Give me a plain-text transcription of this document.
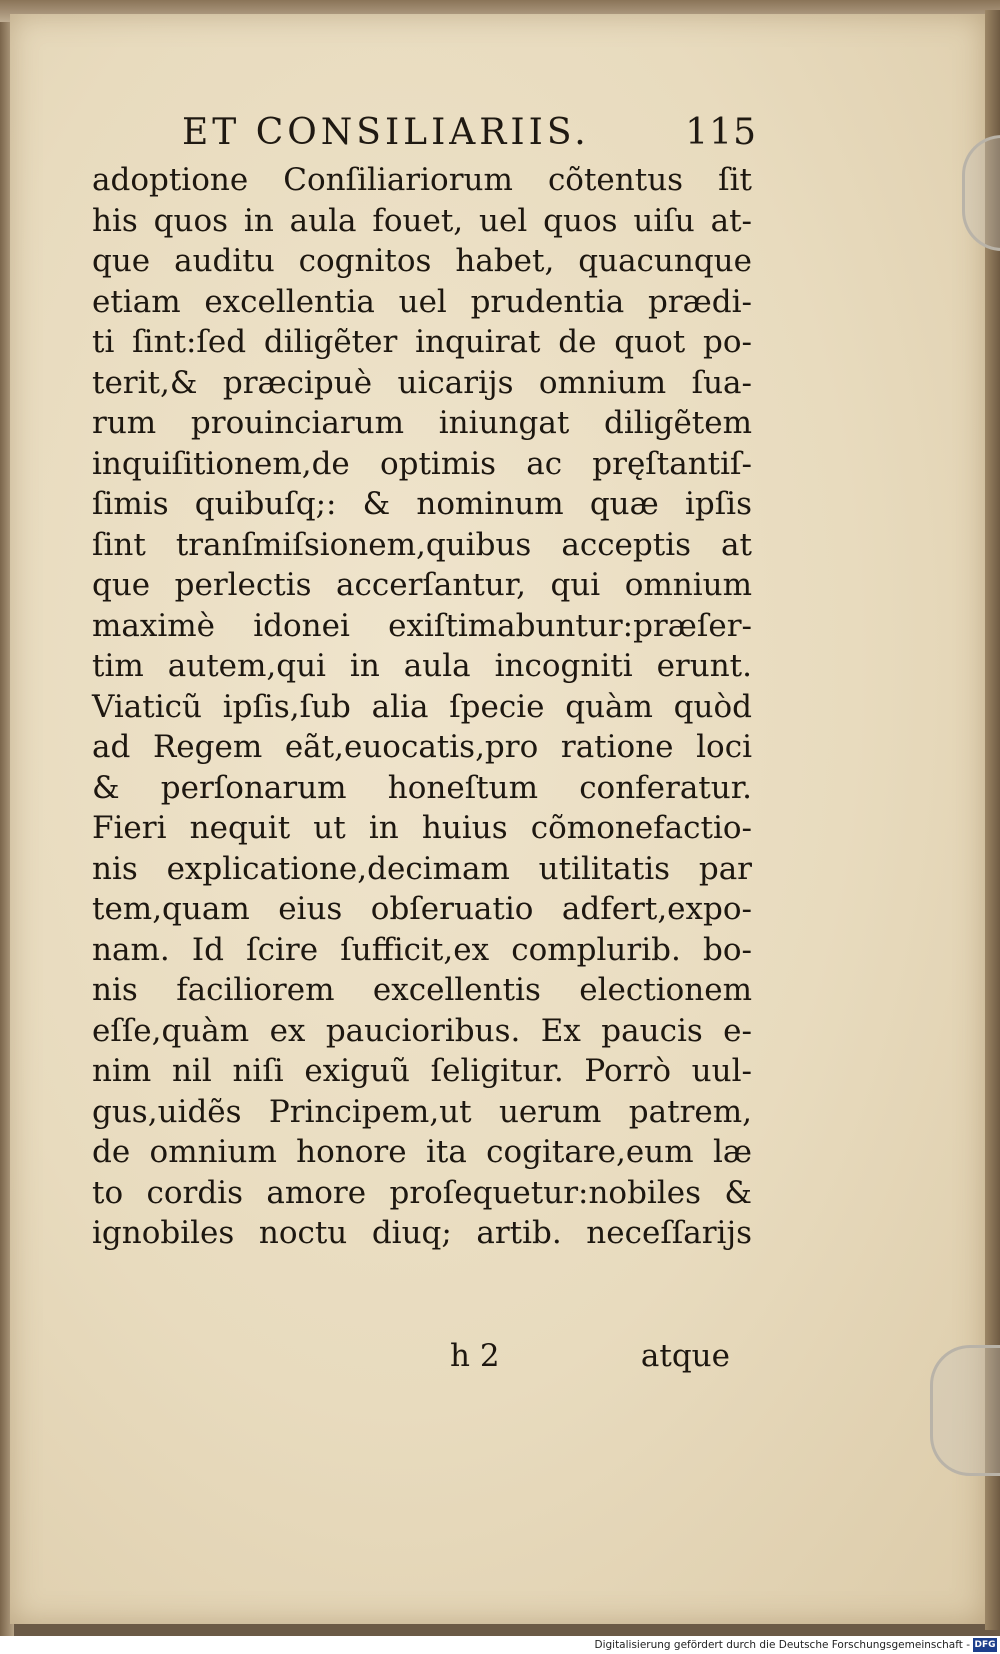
ET CONSILIARIIS.	115
adoptione Conſiliariorum cõtentus ſit
his quos in aula fouet, uel quos uiſu at-
que auditu cognitos habet, quacunque
etiam excellentia uel prudentia prædi-
ti ſint:ſed diligẽter inquirat de quot po-
terit,& præcipuè uicarijs omnium ſua-
rum prouinciarum iniungat diligẽtem
inquiſitionem,de optimis ac pręſtantiſ-
ſimis quibuſq;: & nominum quæ ipſis
ſint tranſmiſsionem,quibus acceptis at
que perlectis accerſantur, qui omnium
maximè idonei exiſtimabuntur:præſer-
tim autem,qui in aula incogniti erunt.
Viaticũ ipſis,ſub alia ſpecie quàm quòd
ad Regem eãt,euocatis,pro ratione loci
& perſonarum honeſtum conferatur.
Fieri nequit ut in huius cõmonefactio-
nis explicatione,decimam utilitatis par
tem,quam eius obſeruatio adfert,expo-
nam. Id ſcire ſufficit,ex complurib. bo-
nis faciliorem excellentis electionem
eſſe,quàm ex paucioribus. Ex paucis e-
nim nil niſi exiguũ ſeligitur. Porrò uul-
gus,uidẽs Principem,ut uerum patrem,
de omnium honore ita cogitare,eum læ
to cordis amore proſequetur:nobiles &
ignobiles noctu diuq; artib. neceſſarijs
h 2	atque
Digitalisierung gefördert durch die Deutsche Forschungsgemeinschaft - DFG
